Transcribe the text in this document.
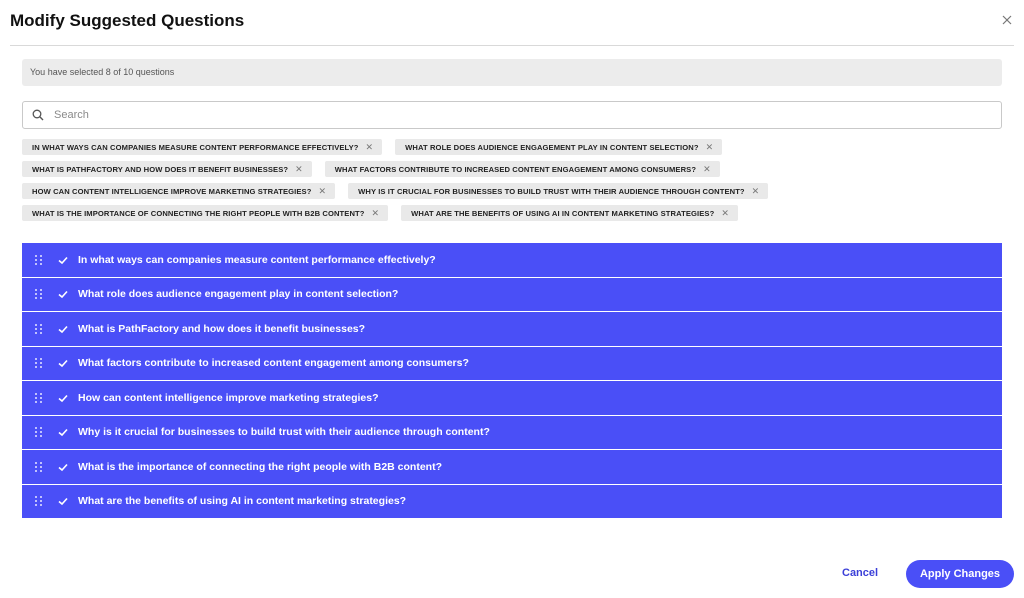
Modify Suggested Questions
You have selected 8 of 10 questions
Search
IN WHAT WAYS CAN COMPANIES MEASURE CONTENT PERFORMANCE EFFECTIVELY? ✕	WHAT ROLE DOES AUDIENCE ENGAGEMENT PLAY IN CONTENT SELECTION? ✕
WHAT IS PATHFACTORY AND HOW DOES IT BENEFIT BUSINESSES? ✕	WHAT FACTORS CONTRIBUTE TO INCREASED CONTENT ENGAGEMENT AMONG CONSUMERS? ✕
HOW CAN CONTENT INTELLIGENCE IMPROVE MARKETING STRATEGIES? ✕	WHY IS IT CRUCIAL FOR BUSINESSES TO BUILD TRUST WITH THEIR AUDIENCE THROUGH CONTENT? ✕
WHAT IS THE IMPORTANCE OF CONNECTING THE RIGHT PEOPLE WITH B2B CONTENT? ✕	WHAT ARE THE BENEFITS OF USING AI IN CONTENT MARKETING STRATEGIES? ✕
In what ways can companies measure content performance effectively?
What role does audience engagement play in content selection?
What is PathFactory and how does it benefit businesses?
What factors contribute to increased content engagement among consumers?
How can content intelligence improve marketing strategies?
Why is it crucial for businesses to build trust with their audience through content?
What is the importance of connecting the right people with B2B content?
What are the benefits of using AI in content marketing strategies?
Cancel	Apply Changes
